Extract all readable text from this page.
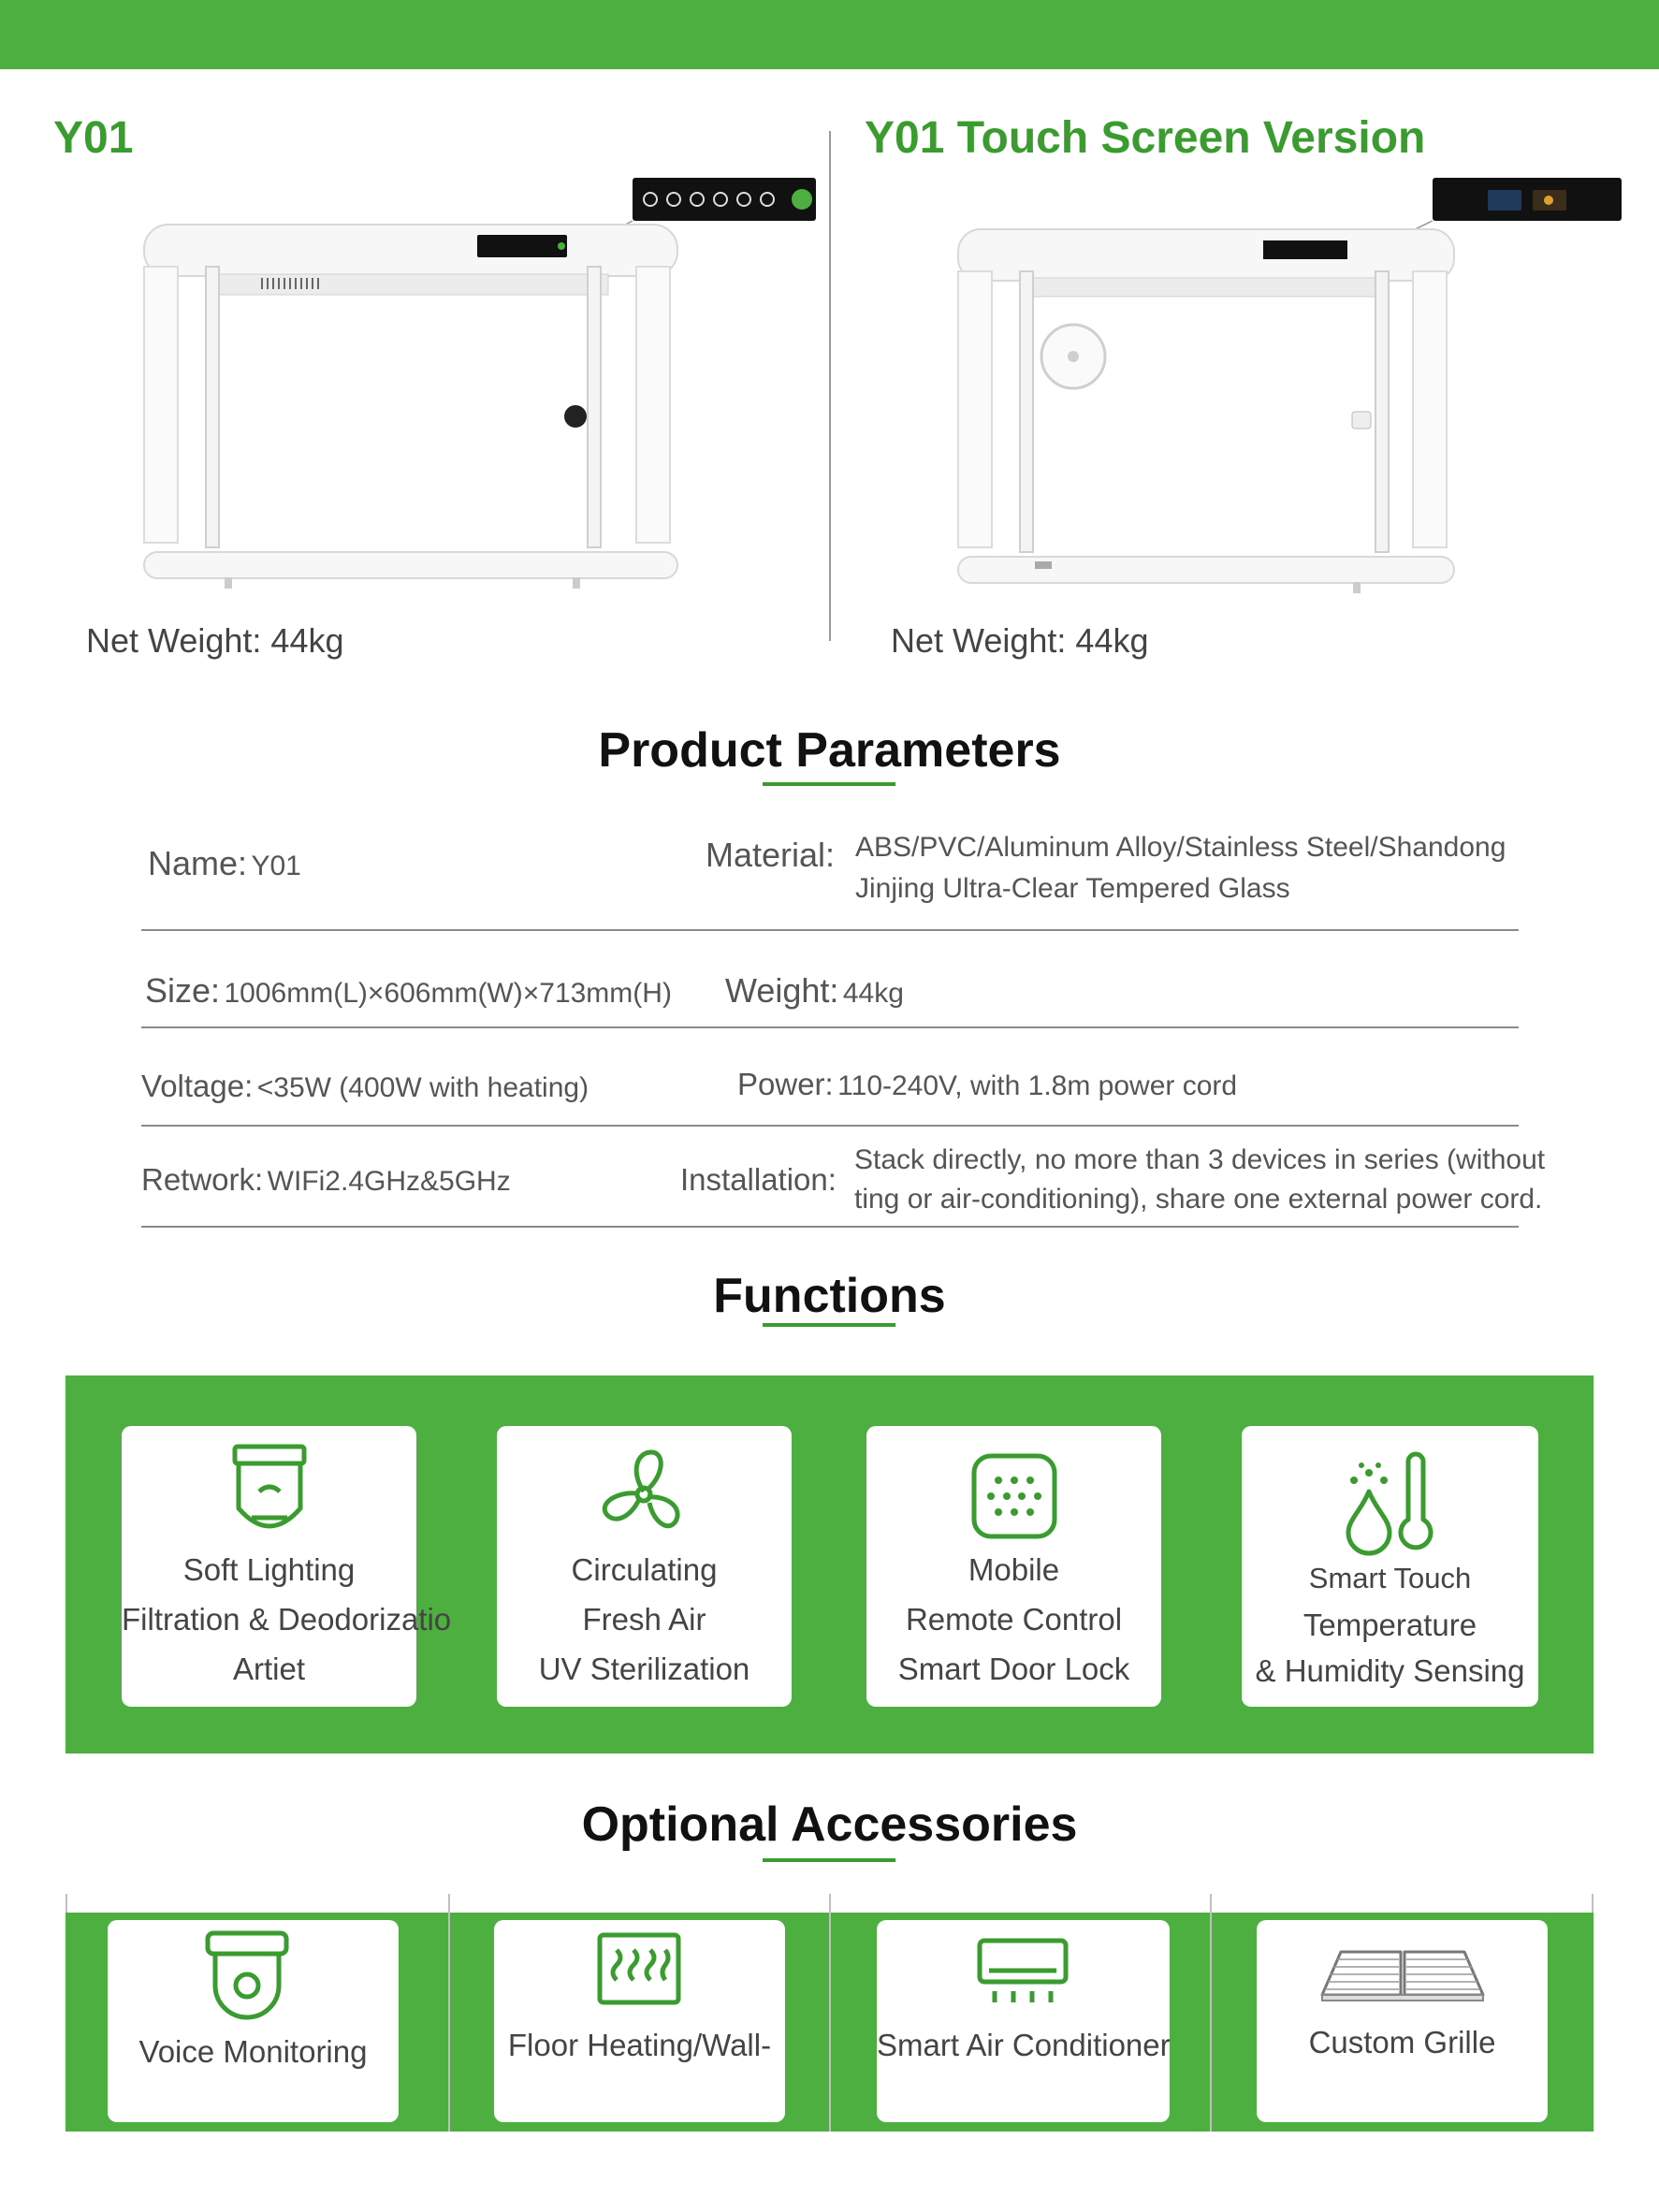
Y01	Y01 Touch Screen Version
Net Weight: 44kg	Net Weight: 44kg
Product Parameters
Name: Y01	Material: ABS/PVC/Aluminum Alloy/Stainless Steel/Shandong
Jinjing Ultra-Clear Tempered Glass
Size: 1006mm(L)×606mm(W)×713mm(H) Weight: 44kg
Voltage: <35W (400W with heating)	Power: 110-240V, with 1.8m power cord
Retwork: WIFi2.4GHz&5GHz	Installation:
Stack directly, no more than 3 devices in series (without
ting or air-conditioning), share one external power cord.
Functions
Soft Lighting
Filtration & Deodorizatio
Artiet
Circulating
Fresh Air
UV Sterilization
Mobile
Remote Control
Smart Door Lock
Smart Touch
Temperature
& Humidity Sensing
Optional Accessories
Voice Monitoring	Floor Heating/Wall-	Smart Air Conditioner	Custom Grille
